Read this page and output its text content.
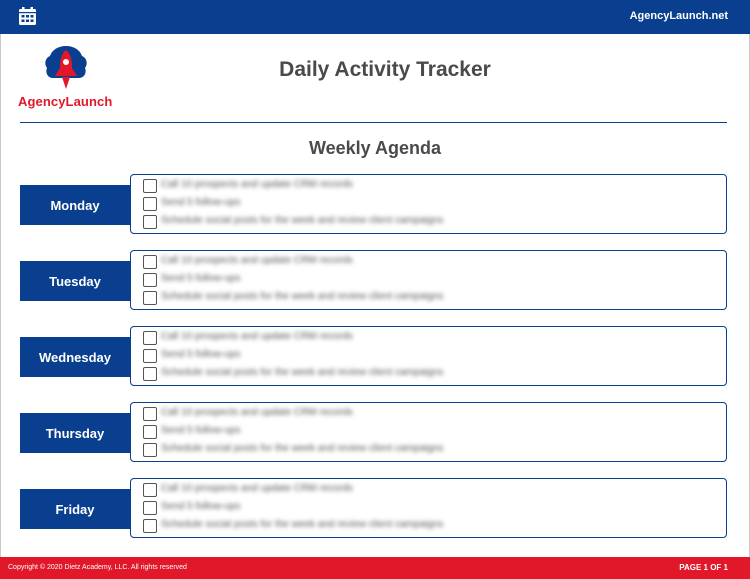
AgencyLaunch.net
AgencyLaunch
Daily Activity Tracker
Weekly Agenda
Monday
Call 10 prospects and update CRM records
Send 5 follow-ups
Schedule social posts for the week and review client campaigns
Tuesday
Call 10 prospects and update CRM records
Send 5 follow-ups
Schedule social posts for the week and review client campaigns
Wednesday
Call 10 prospects and update CRM records
Send 5 follow-ups
Schedule social posts for the week and review client campaigns
Thursday
Call 10 prospects and update CRM records
Send 5 follow-ups
Schedule social posts for the week and review client campaigns
Friday
Call 10 prospects and update CRM records
Send 5 follow-ups
Schedule social posts for the week and review client campaigns
Copyright © 2020 Dietz Academy, LLC. All rights reserved	PAGE 1 OF 1
